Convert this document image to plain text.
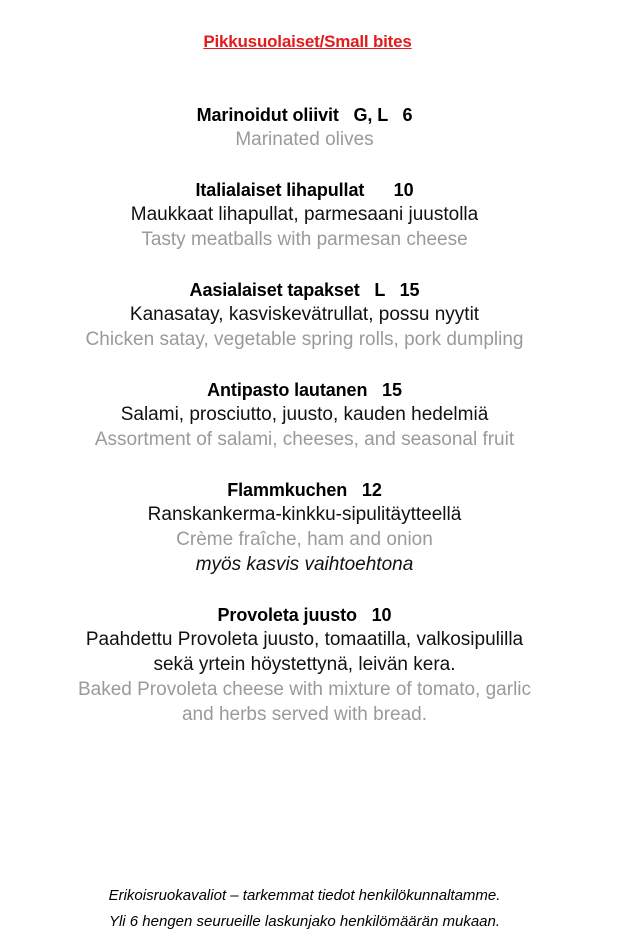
Pikkusuolaiset/Small bites
Marinoidut oliivit   G, L   6
Marinated olives
Italialaiset lihapullat      10
Maukkaat lihapullat, parmesaani juustolla
Tasty meatballs with parmesan cheese
Aasialaiset tapakset   L   15
Kanasatay, kasviskevätrullat, possu nyytit
Chicken satay, vegetable spring rolls, pork dumpling
Antipasto lautanen   15
Salami, prosciutto, juusto, kauden hedelmiä
Assortment of salami, cheeses, and seasonal fruit
Flammkuchen   12
Ranskankerma-kinkku-sipulitäytteellä
Crème fraîche, ham and onion
myös kasvis vaihtoehtona
Provoleta juusto   10
Paahdettu Provoleta juusto, tomaatilla, valkosipulilla
sekä yrtein höystettynä, leivän kera.
Baked Provoleta cheese with mixture of tomato, garlic
and herbs served with bread.
Erikoisruokavaliot – tarkemmat tiedot henkilökunnaltamme.
Yli 6 hengen seurueille laskunjako henkilömäärän mukaan.
